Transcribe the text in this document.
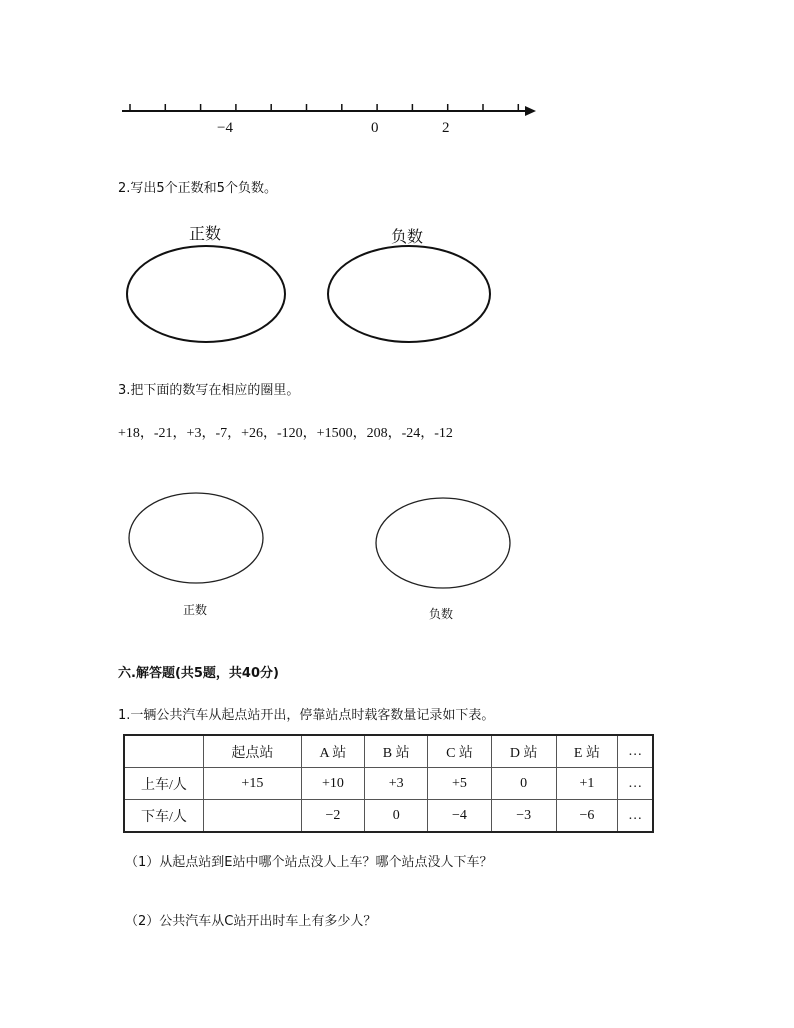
−4	0	2
2.写出5个正数和5个负数。
正数	负数
3.把下面的数写在相应的圈里。
+18，-21，+3，-7，+26，-120，+1500，208，-24，-12
正数	负数
六.解答题(共5题，共40分)
1.一辆公共汽车从起点站开出，停靠站点时载客数量记录如下表。
	起点站	A 站	B 站	C 站	D 站	E 站	…
上车/人	+15	+10	+3	+5	0	+1	…
下车/人		−2	0	−4	−3	−6	…
（1）从起点站到E站中哪个站点没人上车？哪个站点没人下车？
（2）公共汽车从C站开出时车上有多少人？
